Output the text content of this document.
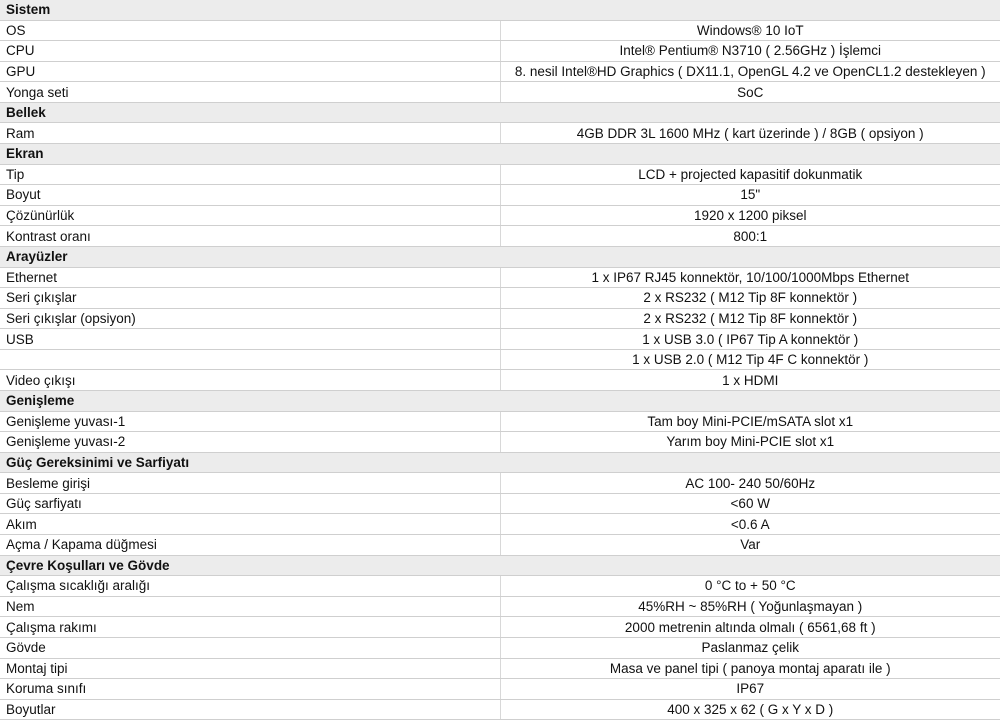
Sistem	
OS	Windows® 10 IoT
CPU	Intel® Pentium® N3710 ( 2.56GHz ) İşlemci
GPU	8. nesil Intel®HD Graphics ( DX11.1, OpenGL 4.2 ve OpenCL1.2 destekleyen )
Yonga seti	SoC
Bellek	
Ram	4GB DDR 3L 1600 MHz ( kart üzerinde ) / 8GB ( opsiyon )
Ekran	
Tip	LCD + projected kapasitif dokunmatik
Boyut	15"
Çözünürlük	1920 x 1200 piksel
Kontrast oranı	800:1
Arayüzler	
Ethernet	1 x IP67 RJ45 konnektör, 10/100/1000Mbps Ethernet
Seri çıkışlar	2 x RS232 ( M12 Tip 8F konnektör )
Seri çıkışlar (opsiyon)	2 x RS232 ( M12 Tip 8F konnektör )
USB	1 x USB 3.0 ( IP67 Tip A konnektör )
	1 x USB 2.0 ( M12 Tip 4F C konnektör )
Video çıkışı	1 x HDMI
Genişleme	
Genişleme yuvası-1	Tam boy Mini-PCIE/mSATA slot x1
Genişleme yuvası-2	Yarım boy Mini-PCIE slot x1
Güç Gereksinimi ve Sarfiyatı	
Besleme girişi	AC 100- 240 50/60Hz
Güç sarfiyatı	<60 W
Akım	<0.6 A
Açma / Kapama düğmesi	Var
Çevre Koşulları ve Gövde	
Çalışma sıcaklığı aralığı	0 °C to + 50 °C
Nem	45%RH ~ 85%RH ( Yoğunlaşmayan )
Çalışma rakımı	2000 metrenin altında olmalı ( 6561,68 ft )
Gövde	Paslanmaz çelik
Montaj tipi	Masa ve panel tipi ( panoya montaj aparatı ile )
Koruma sınıfı	IP67
Boyutlar	400 x 325 x 62 ( G x Y x D )
